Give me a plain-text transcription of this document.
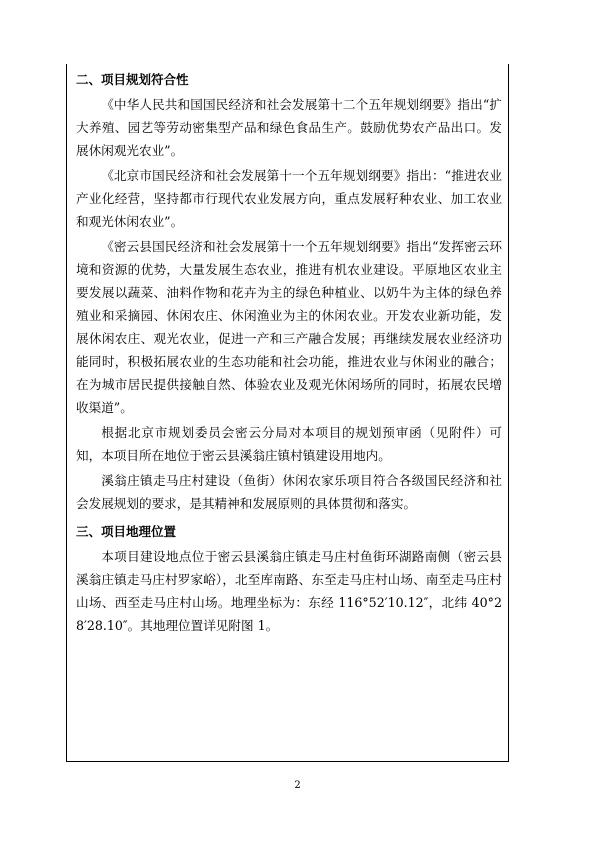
二、项目规划符合性

《中华人民共和国国民经济和社会发展第十二个五年规划纲要》指出“扩大养殖、园艺等劳动密集型产品和绿色食品生产。鼓励优势农产品出口。发展休闲观光农业”。

《北京市国民经济和社会发展第十一个五年规划纲要》指出：“推进农业产业化经营，坚持都市行现代农业发展方向，重点发展籽种农业、加工农业和观光休闲农业”。

《密云县国民经济和社会发展第十一个五年规划纲要》指出“发挥密云环境和资源的优势，大量发展生态农业，推进有机农业建设。平原地区农业主要发展以蔬菜、油料作物和花卉为主的绿色种植业、以奶牛为主体的绿色养殖业和采摘园、休闲农庄、休闲渔业为主的休闲农业。开发农业新功能，发展休闲农庄、观光农业，促进一产和三产融合发展；再继续发展农业经济功能同时，积极拓展农业的生态功能和社会功能，推进农业与休闲业的融合；在为城市居民提供接触自然、体验农业及观光休闲场所的同时，拓展农民增收渠道”。

根据北京市规划委员会密云分局对本项目的规划预审函（见附件）可知，本项目所在地位于密云县溪翁庄镇村镇建设用地内。

溪翁庄镇走马庄村建设（鱼街）休闲农家乐项目符合各级国民经济和社会发展规划的要求，是其精神和发展原则的具体贯彻和落实。

三、项目地理位置

本项目建设地点位于密云县溪翁庄镇走马庄村鱼街环湖路南侧（密云县溪翁庄镇走马庄村罗家峪），北至库南路、东至走马庄村山场、南至走马庄村山场、西至走马庄村山场。地理坐标为：东经 116°52′10.12″，北纬 40°28′28.10″。其地理位置详见附图 1。

2
